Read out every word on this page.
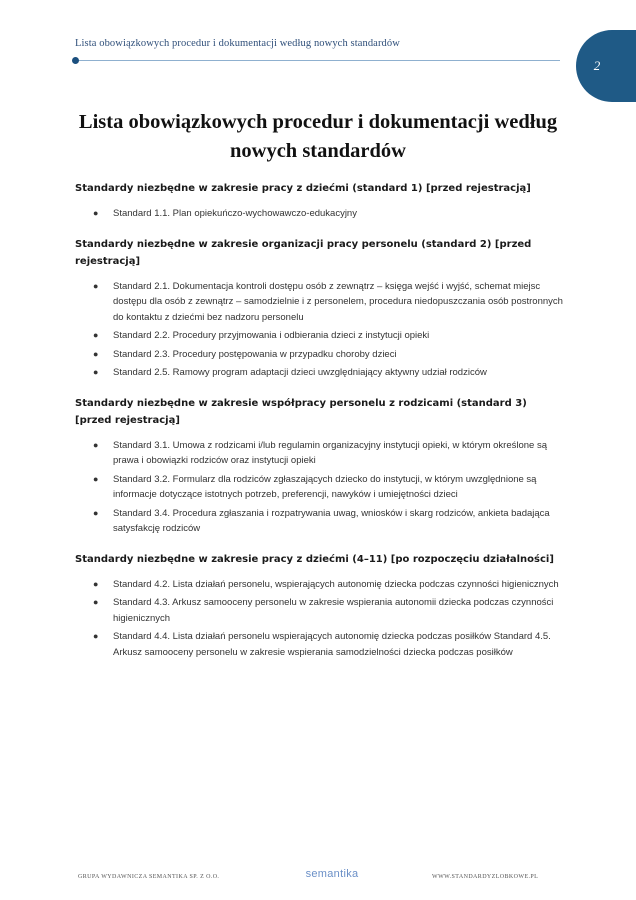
Lista obowiązkowych procedur i dokumentacji według nowych standardów
2
Lista obowiązkowych procedur i dokumentacji według nowych standardów
Standardy niezbędne w zakresie pracy z dziećmi (standard 1) [przed rejestracją]
● Standard 1.1. Plan opiekuńczo-wychowawczo-edukacyjny
Standardy niezbędne w zakresie organizacji pracy personelu (standard 2) [przed rejestracją]
● Standard 2.1. Dokumentacja kontroli dostępu osób z zewnątrz – księga wejść i wyjść, schemat miejsc dostępu dla osób z zewnątrz – samodzielnie i z personelem, procedura niedopuszczania osób postronnych do kontaktu z dziećmi bez nadzoru personelu
● Standard 2.2. Procedury przyjmowania i odbierania dzieci z instytucji opieki
● Standard 2.3. Procedury postępowania w przypadku choroby dzieci
● Standard 2.5. Ramowy program adaptacji dzieci uwzględniający aktywny udział rodziców
Standardy niezbędne w zakresie współpracy personelu z rodzicami (standard 3) [przed rejestracją]
● Standard 3.1. Umowa z rodzicami i/lub regulamin organizacyjny instytucji opieki, w którym określone są prawa i obowiązki rodziców oraz instytucji opieki
● Standard 3.2. Formularz dla rodziców zgłaszających dziecko do instytucji, w którym uwzględnione są informacje dotyczące istotnych potrzeb, preferencji, nawyków i umiejętności dzieci
● Standard 3.4. Procedura zgłaszania i rozpatrywania uwag, wniosków i skarg rodziców, ankieta badająca satysfakcję rodziców
Standardy niezbędne w zakresie pracy z dziećmi (4–11) [po rozpoczęciu działalności]
● Standard 4.2. Lista działań personelu, wspierających autonomię dziecka podczas czynności higienicznych
● Standard 4.3. Arkusz samooceny personelu w zakresie wspierania autonomii dziecka podczas czynności higienicznych
● Standard 4.4. Lista działań personelu wspierających autonomię dziecka podczas posiłków Standard 4.5. Arkusz samooceny personelu w zakresie wspierania samodzielności dziecka podczas posiłków
GRUPA WYDAWNICZA SEMANTIKA SP. Z O.O.	semantika	WWW.STANDARDYZLOBKOWE.PL
